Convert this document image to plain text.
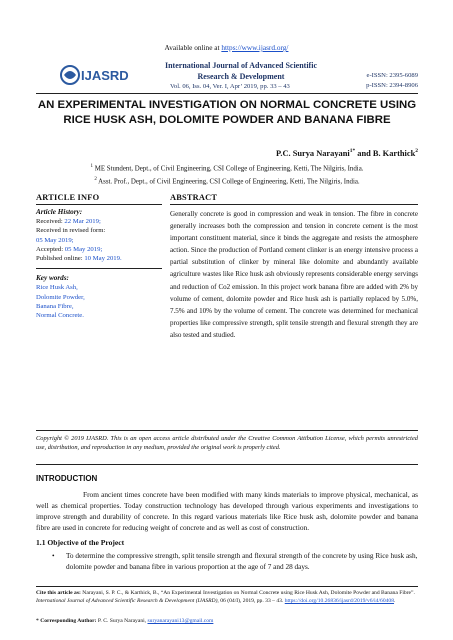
Available online at https://www.ijasrd.org/
IJASRD
International Journal of Advanced Scientific
Research & Development	e-ISSN: 2395-6089
p-ISSN: 2394-8906
Vol. 06, Iss. 04, Ver. I, Apr’ 2019, pp. 33 – 43
AN EXPERIMENTAL INVESTIGATION ON NORMAL CONCRETE USING RICE HUSK ASH, DOLOMITE POWDER AND BANANA FIBRE
P.C. Surya Narayani$^{1*}$ and B. Karthick$^2$
$^1$ ME Stundent, Dept., of Civil Engineering, CSI College of Engineering, Ketti, The Nilgiris, India.
$^2$ Asst. Prof., Dept., of Civil Engineering, CSI College of Engineering, Ketti, The Nilgiris, India.
ARTICLE INFO	ABSTRACT
Article History:
Received: 22 Mar 2019;
Received in revised form:
05 May 2019;
Accepted: 05 May 2019;
Published online: 10 May 2019.
Key words:
Rice Husk Ash,
Dolomite Powder,
Banana Fibre,
Normal Concrete.
Generally concrete is good in compression and weak in tension. The fibre in concrete generally increases both the compression and tension in concrete cement is the most important constituent material, since it binds the aggregate and resists the atmosphere action. Since the production of Portland cement clinker is an energy intensive process a partial substitution of clinker by mineral like dolomite and abundantly available agriculture wastes like Rice husk ash obviously represents considerable energy servings and reduction of Co2 emission. In this project work banana fibre are added with 2% by volume of cement, dolomite powder and Rice husk ash is partially replaced by 5.0%, 7.5% and 10% by the volume of cement. The concrete was determined for mechanical properties like compressive strength, split tensile strength and flexural strength they are also tested and studied.
Copyright © 2019 IJASRD. This is an open access article distributed under the Creative Common Attibution License, which permits unrestricted use, distribution, and reproduction in any medium, provided the original work is properly cited.
INTRODUCTION
From ancient times concrete have been modified with many kinds materials to improve physical, mechanical, as well as chemical properties. Today construction technology has developed through various experiments and investigations to improve strength and durability of concrete. In this regard various materials like Rice husk ash, dolomite powder and banana fibre are used in concrete for reducing weight of concrete and as well as cost of construction.
1.1 Objective of the Project
• To determine the compressive strength, split tensile strength and flexural strength of the concrete by using Rice husk ash, dolomite powder and banana fibre in various proportion at the age of 7 and 28 days.
Cite this article as: Narayani, S. P. C., & Karthick, B., “An Experimental Investigation on Normal Concrete using Rice Husk Ash, Dolomite Powder and Banana Fibre”. International Journal of Advanced Scientific Research & Development (IJASRD), 06 (04/I), 2019, pp. 33 – 43. https://doi.org/10.26836/ijasrd/2019/v6/i4/60408.
* Corresponding Author: P. C. Surya Narayani, suryanarayani13@gmail.com
